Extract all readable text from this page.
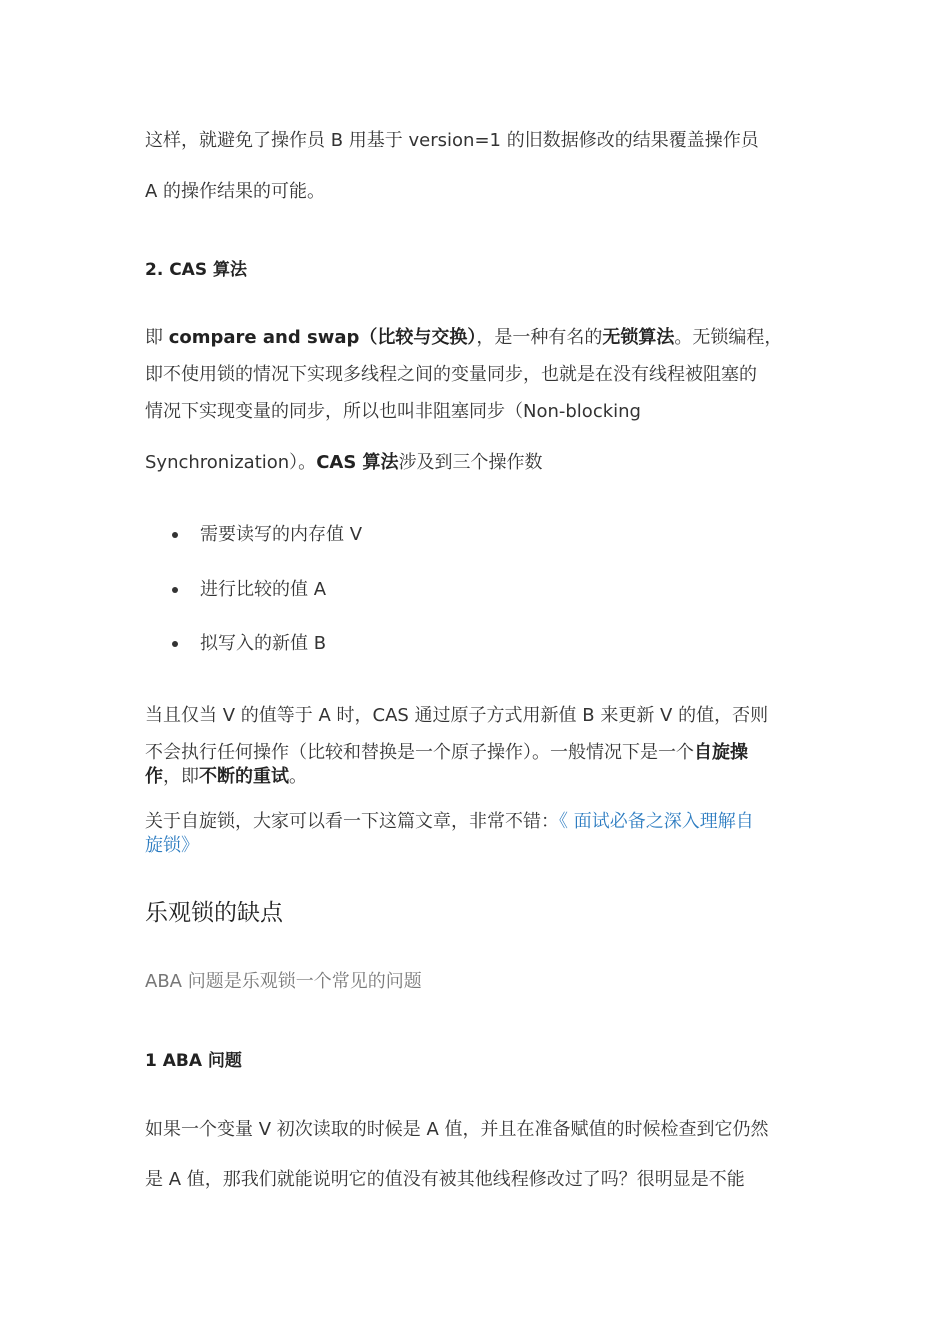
这样，就避免了操作员 B 用基于 version=1 的旧数据修改的结果覆盖操作员
A 的操作结果的可能。
2. CAS 算法
即 compare and swap（比较与交换），是一种有名的无锁算法。无锁编程，
即不使用锁的情况下实现多线程之间的变量同步，也就是在没有线程被阻塞的
情况下实现变量的同步，所以也叫非阻塞同步（Non-blocking
Synchronization）。CAS 算法涉及到三个操作数
需要读写的内存值 V
进行比较的值 A
拟写入的新值 B
当且仅当 V 的值等于 A 时，CAS 通过原子方式用新值 B 来更新 V 的值，否则
不会执行任何操作（比较和替换是一个原子操作）。一般情况下是一个自旋操
作，即不断的重试。
关于自旋锁，大家可以看一下这篇文章，非常不错：《 面试必备之深入理解自
旋锁》
乐观锁的缺点
ABA 问题是乐观锁一个常见的问题
1 ABA 问题
如果一个变量 V 初次读取的时候是 A 值，并且在准备赋值的时候检查到它仍然
是 A 值，那我们就能说明它的值没有被其他线程修改过了吗？很明显是不能
